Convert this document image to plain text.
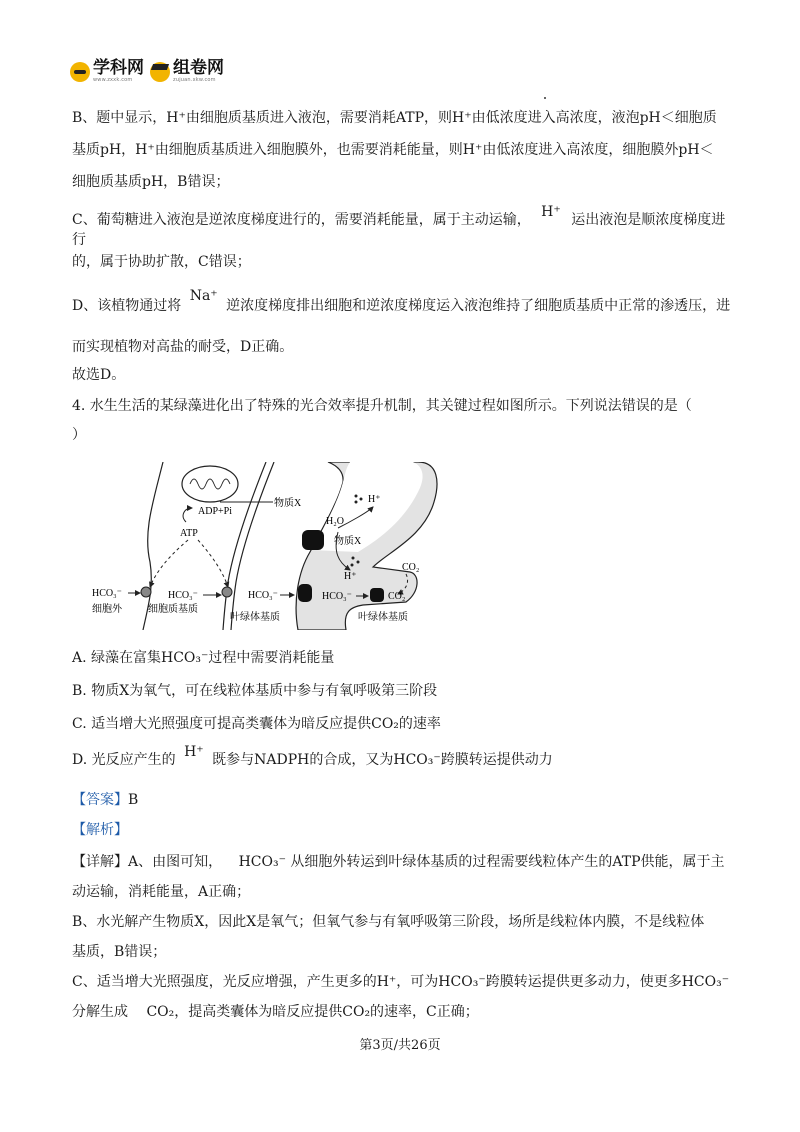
学科网
www.zxxk.com
组卷网
zujuan.xkw.com
B、题中显示，H⁺由细胞质基质进入液泡，需要消耗ATP，则H⁺由低浓度进入高浓度，液泡pH＜细胞质
基质pH，H⁺由细胞质基质进入细胞膜外，也需要消耗能量，则H⁺由低浓度进入高浓度，细胞膜外pH＜
细胞质基质pH，B错误；
C、葡萄糖进入液泡是逆浓度梯度进行的，需要消耗能量，属于主动运输， H⁺ 运出液泡是顺浓度梯度进行
的，属于协助扩散，C错误；
D、该植物通过将 Na⁺ 逆浓度梯度排出细胞和逆浓度梯度运入液泡维持了细胞质基质中正常的渗透压，进
而实现植物对高盐的耐受，D正确。
故选D。
4. 水生生活的某绿藻进化出了特殊的光合效率提升机制，其关键过程如图所示。下列说法错误的是（
）
物质X
ADP+Pi
ATP
H⁺
H₂O
物质X
H⁺
CO₂
HCO₃⁻	HCO₃⁻	HCO₃⁻	HCO₃⁻	CO₂
细胞外	细胞质基质
叶绿体基质	叶绿体基质
A. 绿藻在富集HCO₃⁻过程中需要消耗能量
B. 物质X为氧气，可在线粒体基质中参与有氧呼吸第三阶段
C. 适当增大光照强度可提高类囊体为暗反应提供CO₂的速率
D. 光反应产生的 H⁺ 既参与NADPH的合成，又为HCO₃⁻跨膜转运提供动力
【答案】B
【解析】
【详解】A、由图可知， HCO₃⁻ 从细胞外转运到叶绿体基质的过程需要线粒体产生的ATP供能，属于主
动运输，消耗能量，A正确；
B、水光解产生物质X，因此X是氧气；但氧气参与有氧呼吸第三阶段，场所是线粒体内膜，不是线粒体
基质，B错误；
C、适当增大光照强度，光反应增强，产生更多的H⁺，可为HCO₃⁻跨膜转运提供更多动力，使更多HCO₃⁻
分解生成 CO₂，提高类囊体为暗反应提供CO₂的速率，C正确；
第3页/共26页
